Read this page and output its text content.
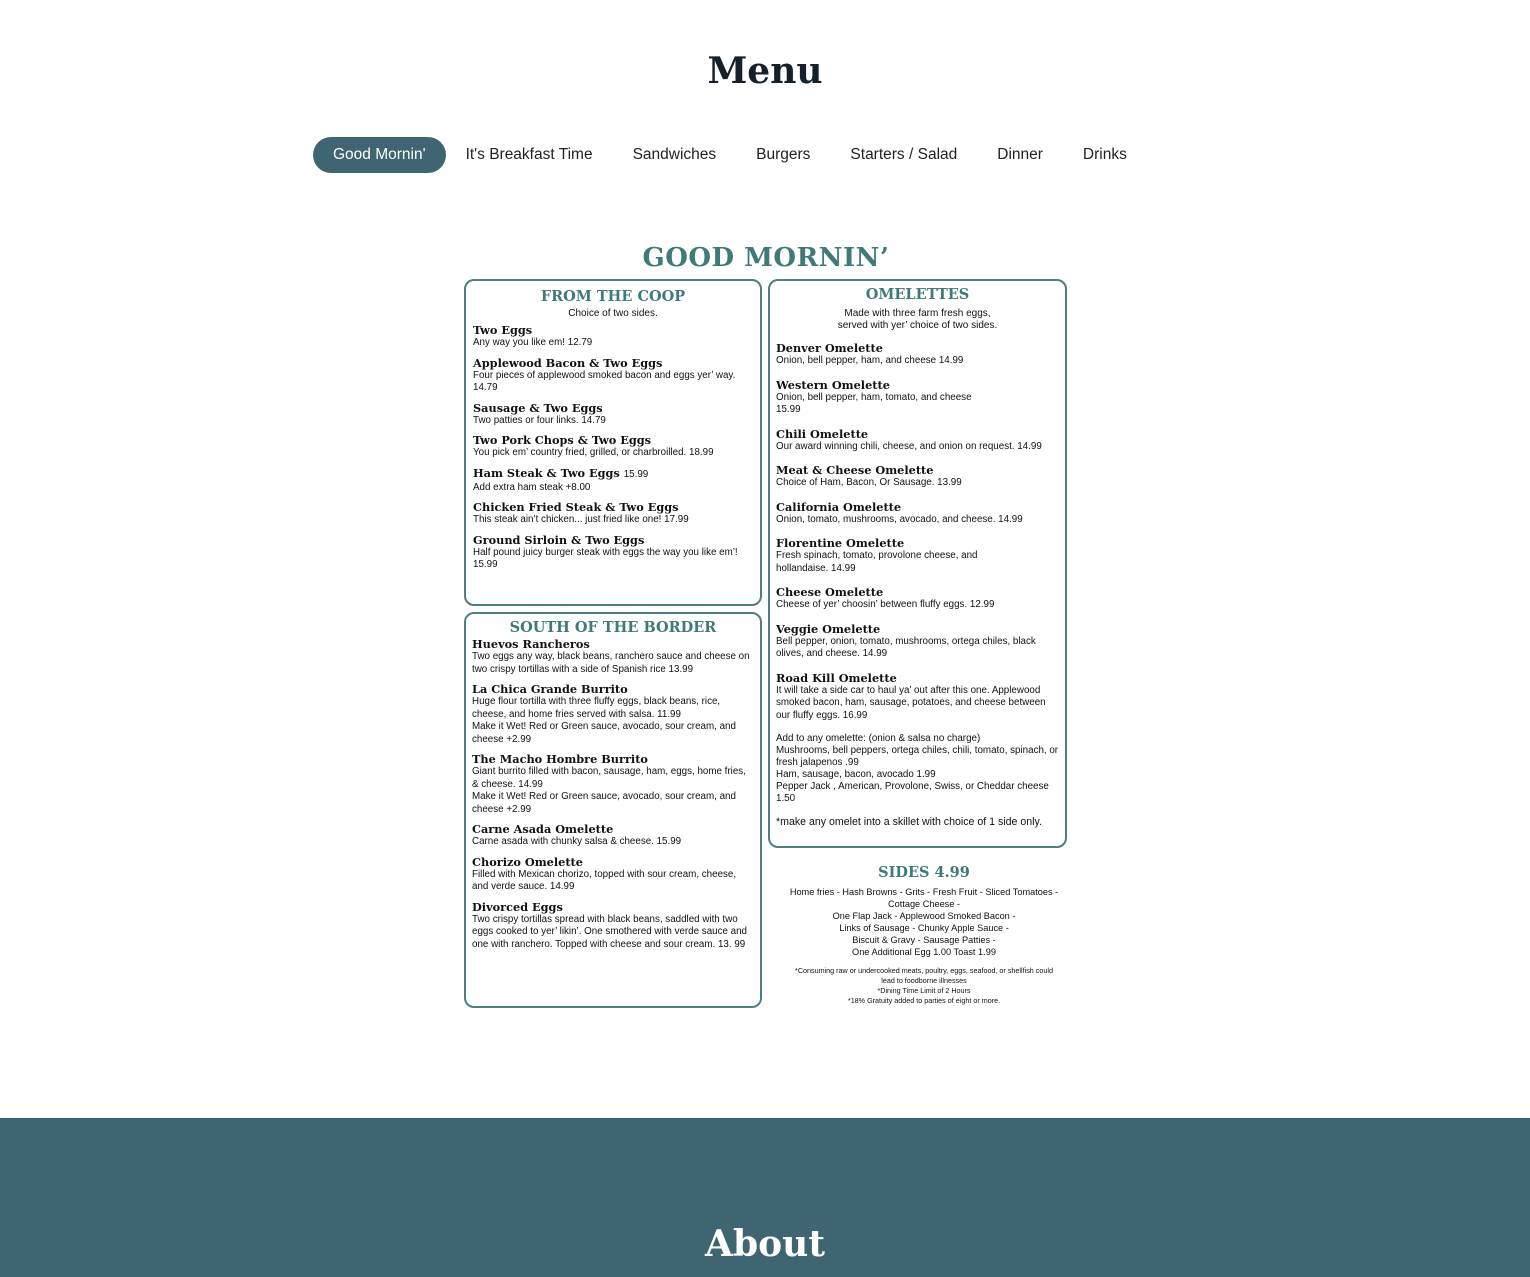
Menu
Good Mornin'	It's Breakfast Time	Sandwiches	Burgers	Starters / Salad	Dinner	Drinks
GOOD MORNIN’
FROM THE COOP
Choice of two sides.
Two Eggs
Any way you like em! 12.79
Applewood Bacon & Two Eggs
Four pieces of applewood smoked bacon and eggs yer’ way. 14.79
Sausage & Two Eggs
Two patties or four links. 14.79
Two Pork Chops & Two Eggs
You pick em’ country fried, grilled, or charbroilled. 18.99
Ham Steak & Two Eggs 15.99
Add extra ham steak +8.00
Chicken Fried Steak & Two Eggs
This steak ain’t chicken... just fried like one! 17.99
Ground Sirloin & Two Eggs
Half pound juicy burger steak with eggs the way you like em’! 15.99
SOUTH OF THE BORDER
Huevos Rancheros
Two eggs any way, black beans, ranchero sauce and cheese on two crispy tortillas with a side of Spanish rice 13.99
La Chica Grande Burrito
Huge flour tortilla with three fluffy eggs, black beans, rice, cheese, and home fries served with salsa. 11.99
Make it Wet! Red or Green sauce, avocado, sour cream, and cheese +2.99
The Macho Hombre Burrito
Giant burrito filled with bacon, sausage, ham, eggs, home fries, & cheese. 14.99
Make it Wet! Red or Green sauce, avocado, sour cream, and cheese +2.99
Carne Asada Omelette
Carne asada with chunky salsa & cheese. 15.99
Chorizo Omelette
Filled with Mexican chorizo, topped with sour cream, cheese, and verde sauce. 14.99
Divorced Eggs
Two crispy tortillas spread with black beans, saddled with two eggs cooked to yer’ likin’. One smothered with verde sauce and one with ranchero. Topped with cheese and sour cream. 13. 99
OMELETTES
Made with three farm fresh eggs,
served with yer’ choice of two sides.
Denver Omelette
Onion, bell pepper, ham, and cheese 14.99
Western Omelette
Onion, bell pepper, ham, tomato, and cheese 15.99
Chili Omelette
Our award winning chili, cheese, and onion on request. 14.99
Meat & Cheese Omelette
Choice of Ham, Bacon, Or Sausage. 13.99
California Omelette
Onion, tomato, mushrooms, avocado, and cheese. 14.99
Florentine Omelette
Fresh spinach, tomato, provolone cheese, and hollandaise. 14.99
Cheese Omelette
Cheese of yer’ choosin’ between fluffy eggs. 12.99
Veggie Omelette
Bell pepper, onion, tomato, mushrooms, ortega chiles, black olives, and cheese. 14.99
Road Kill Omelette
It will take a side car to haul ya’ out after this one. Applewood smoked bacon, ham, sausage, potatoes, and cheese between our fluffy eggs. 16.99
Add to any omelette: (onion & salsa no charge)
Mushrooms, bell peppers, ortega chiles, chili, tomato, spinach, or fresh jalapenos .99
Ham, sausage, bacon, avocado 1.99
Pepper Jack , American, Provolone, Swiss, or Cheddar cheese 1.50
*make any omelet into a skillet with choice of 1 side only.
SIDES 4.99
Home fries - Hash Browns - Grits - Fresh Fruit - Sliced Tomatoes -
Cottage Cheese -
One Flap Jack - Applewood Smoked Bacon -
Links of Sausage - Chunky Apple Sauce -
Biscuit & Gravy - Sausage Patties -
One Additional Egg 1.00 Toast 1.99
*Consuming raw or undercooked meats, poultry, eggs, seafood, or shellfish could
lead to foodborne illnesses
*Dining Time Limit of 2 Hours
*18% Gratuity added to parties of eight or more.
About
